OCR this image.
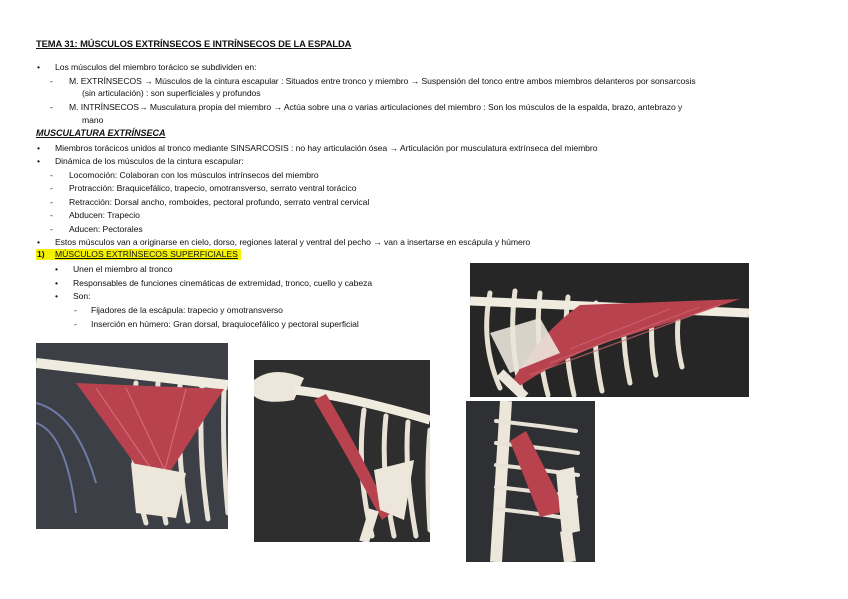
TEMA 31: MÚSCULOS EXTRÍNSECOS E INTRÍNSECOS DE LA ESPALDA
• Los músculos del miembro torácico se subdividen en:
- M. EXTRÍNSECOS → Músculos de la cintura escapular : Situados entre tronco y miembro → Suspensión del tonco entre ambos miembros delanteros por sonsarcosis
(sin articulación) : son superficiales y profundos
- M. INTRÍNSECOS→ Musculatura propia del miembro → Actúa sobre una o varias articulaciones del miembro : Son los músculos de la espalda, brazo, antebrazo y
mano
MUSCULATURA EXTRÍNSECA
• Miembros torácicos unidos al tronco mediante SINSARCOSIS : no hay articulación ósea → Articulación por musculatura extrínseca del miembro
• Dinámica de los músculos de la cintura escapular:
- Locomoción: Colaboran con los músculos intrínsecos del miembro
- Protracción: Braquicefálico, trapecio, omotransverso, serrato ventral torácico
- Retracción: Dorsal ancho, romboides, pectoral profundo, serrato ventral cervical
- Abducen: Trapecio
- Aducen: Pectorales
• Estos músculos van a originarse en cielo, dorso, regiones lateral y ventral del pecho → van a insertarse en escápula y húmero
1) MÚSCULOS EXTRÍNSECOS SUPERFICIALES
• Unen el miembro al tronco
• Responsables de funciones cinemáticas de extremidad, tronco, cuello y cabeza
• Son:
- Fijadores de la escápula: trapecio y omotransverso
- Inserción en húmero: Gran dorsal, braquiocefálico y pectoral superficial
